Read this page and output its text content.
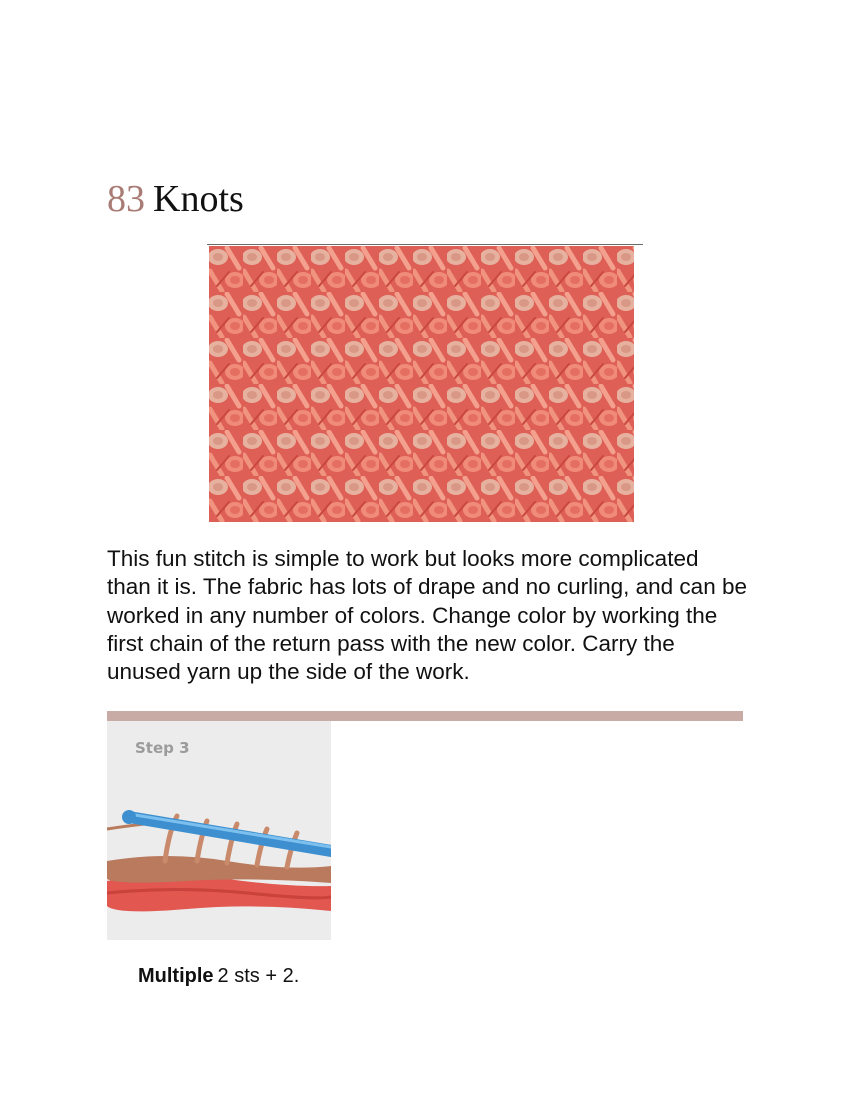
83 Knots

This fun stitch is simple to work but looks more complicated than it is. The fabric has lots of drape and no curling, and can be worked in any number of colors. Change color by working the first chain of the return pass with the new color. Carry the unused yarn up the side of the work.

Step 3
Multiple 2 sts + 2.
